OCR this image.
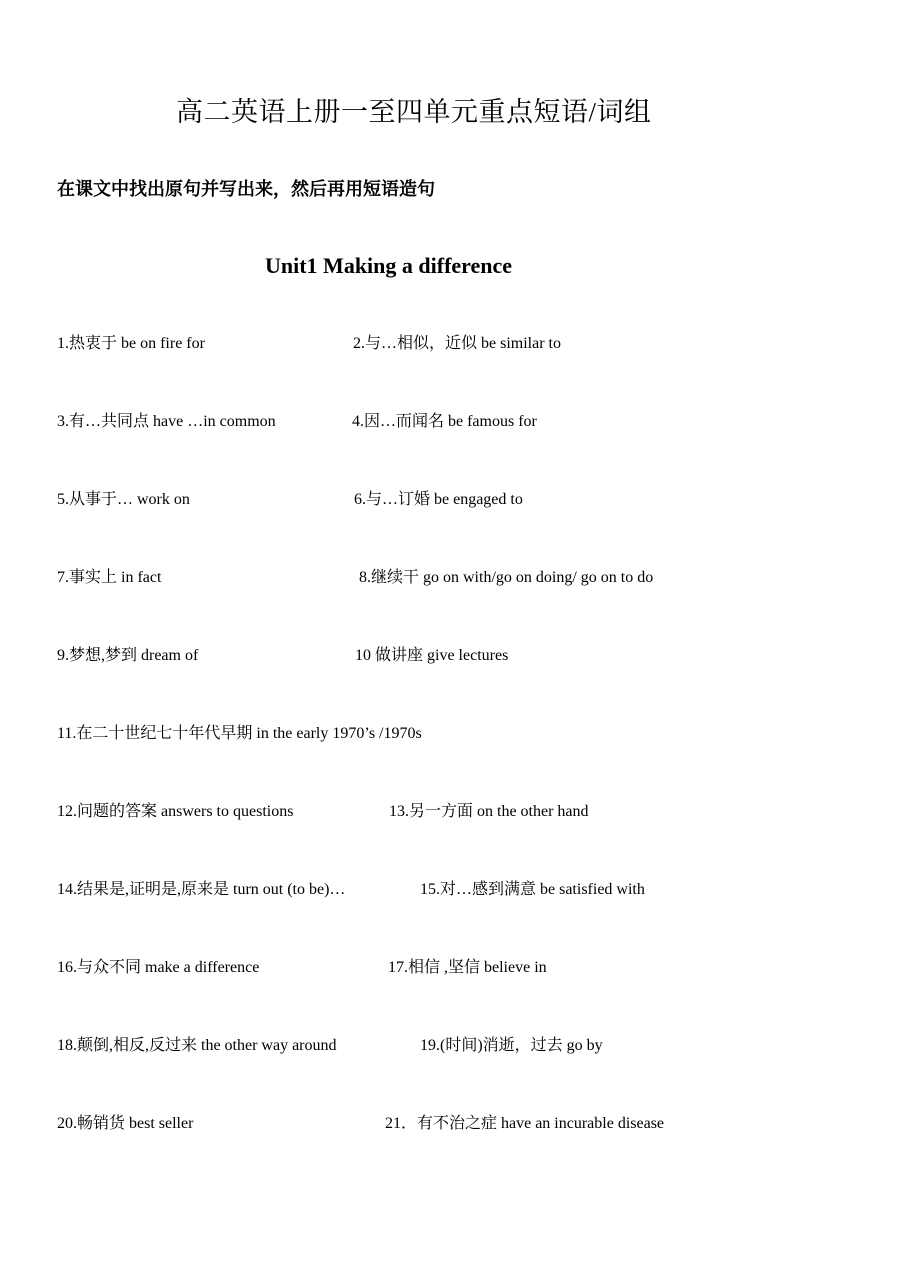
高二英语上册一至四单元重点短语/词组
在课文中找出原句并写出来，然后再用短语造句
Unit1 Making a difference
1.热衷于 be on fire for	2.与…相似，近似 be similar to
3.有…共同点 have …in common	4.因…而闻名 be famous for
5.从事于… work on	6.与…订婚 be engaged to
7.事实上 in fact	8.继续干 go on with/go on doing/ go on to do
9.梦想,梦到 dream of	10 做讲座 give lectures
11.在二十世纪七十年代早期 in the early 1970’s /1970s
12.问题的答案 answers to questions	13.另一方面 on the other hand
14.结果是,证明是,原来是 turn out (to be)…	15.对…感到满意 be satisfied with
16.与众不同 make a difference	17.相信 ,坚信 believe in
18.颠倒,相反,反过来 the other way around	19.(时间)消逝，过去 go by
20.畅销货 best seller	21．有不治之症 have an incurable disease
